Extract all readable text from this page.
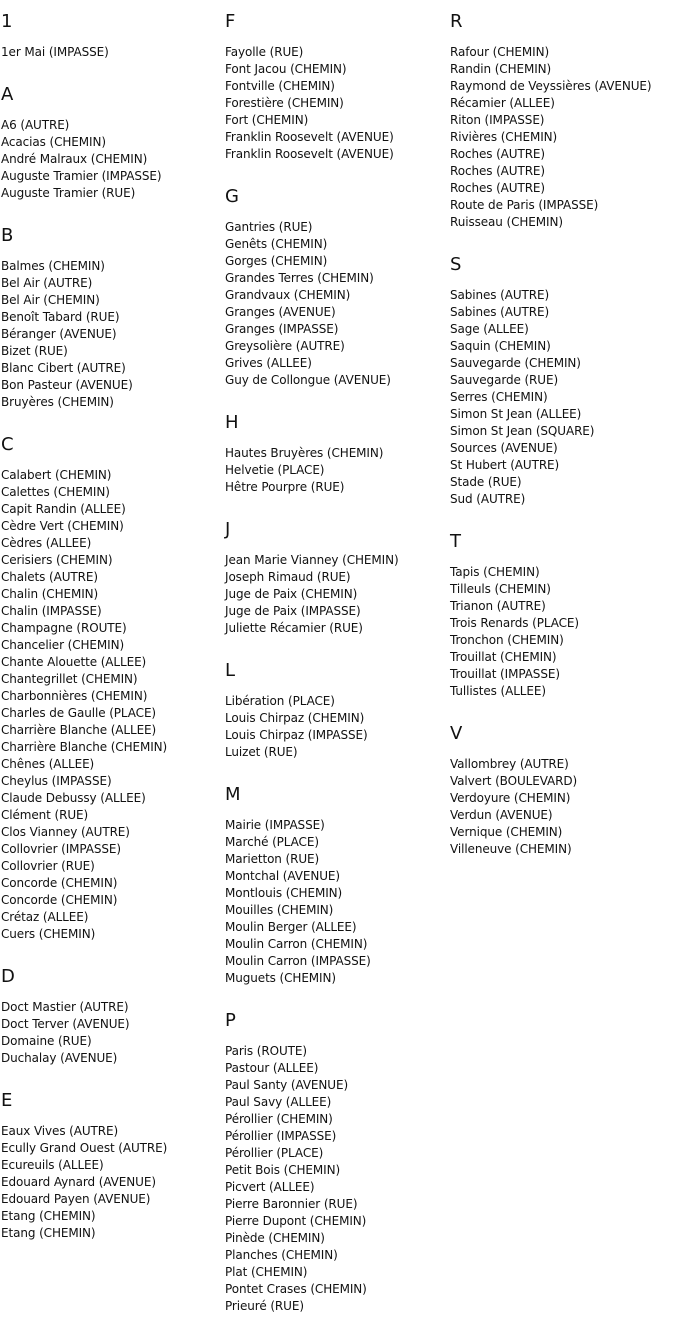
1
1er Mai (IMPASSE)
A
A6 (AUTRE)
Acacias (CHEMIN)
André Malraux (CHEMIN)
Auguste Tramier (IMPASSE)
Auguste Tramier (RUE)
B
Balmes (CHEMIN)
Bel Air (AUTRE)
Bel Air (CHEMIN)
Benoît Tabard (RUE)
Béranger (AVENUE)
Bizet (RUE)
Blanc Cibert (AUTRE)
Bon Pasteur (AVENUE)
Bruyères (CHEMIN)
C
Calabert (CHEMIN)
Calettes (CHEMIN)
Capit Randin (ALLEE)
Cèdre Vert (CHEMIN)
Cèdres (ALLEE)
Cerisiers (CHEMIN)
Chalets (AUTRE)
Chalin (CHEMIN)
Chalin (IMPASSE)
Champagne (ROUTE)
Chancelier (CHEMIN)
Chante Alouette (ALLEE)
Chantegrillet (CHEMIN)
Charbonnières (CHEMIN)
Charles de Gaulle (PLACE)
Charrière Blanche (ALLEE)
Charrière Blanche (CHEMIN)
Chênes (ALLEE)
Cheylus (IMPASSE)
Claude Debussy (ALLEE)
Clément (RUE)
Clos Vianney (AUTRE)
Collovrier (IMPASSE)
Collovrier (RUE)
Concorde (CHEMIN)
Concorde (CHEMIN)
Crétaz (ALLEE)
Cuers (CHEMIN)
D
Doct Mastier (AUTRE)
Doct Terver (AVENUE)
Domaine (RUE)
Duchalay (AVENUE)
E
Eaux Vives (AUTRE)
Ecully Grand Ouest (AUTRE)
Ecureuils (ALLEE)
Edouard Aynard (AVENUE)
Edouard Payen (AVENUE)
Etang (CHEMIN)
Etang (CHEMIN)
F
Fayolle (RUE)
Font Jacou (CHEMIN)
Fontville (CHEMIN)
Forestière (CHEMIN)
Fort (CHEMIN)
Franklin Roosevelt (AVENUE)
Franklin Roosevelt (AVENUE)
G
Gantries (RUE)
Genêts (CHEMIN)
Gorges (CHEMIN)
Grandes Terres (CHEMIN)
Grandvaux (CHEMIN)
Granges (AVENUE)
Granges (IMPASSE)
Greysolière (AUTRE)
Grives (ALLEE)
Guy de Collongue (AVENUE)
H
Hautes Bruyères (CHEMIN)
Helvetie (PLACE)
Hêtre Pourpre (RUE)
J
Jean Marie Vianney (CHEMIN)
Joseph Rimaud (RUE)
Juge de Paix (CHEMIN)
Juge de Paix (IMPASSE)
Juliette Récamier (RUE)
L
Libération (PLACE)
Louis Chirpaz (CHEMIN)
Louis Chirpaz (IMPASSE)
Luizet (RUE)
M
Mairie (IMPASSE)
Marché (PLACE)
Marietton (RUE)
Montchal (AVENUE)
Montlouis (CHEMIN)
Mouilles (CHEMIN)
Moulin Berger (ALLEE)
Moulin Carron (CHEMIN)
Moulin Carron (IMPASSE)
Muguets (CHEMIN)
P
Paris (ROUTE)
Pastour (ALLEE)
Paul Santy (AVENUE)
Paul Savy (ALLEE)
Pérollier (CHEMIN)
Pérollier (IMPASSE)
Pérollier (PLACE)
Petit Bois (CHEMIN)
Picvert (ALLEE)
Pierre Baronnier (RUE)
Pierre Dupont (CHEMIN)
Pinède (CHEMIN)
Planches (CHEMIN)
Plat (CHEMIN)
Pontet Crases (CHEMIN)
Prieuré (RUE)
R
Rafour (CHEMIN)
Randin (CHEMIN)
Raymond de Veyssières (AVENUE)
Récamier (ALLEE)
Riton (IMPASSE)
Rivières (CHEMIN)
Roches (AUTRE)
Roches (AUTRE)
Roches (AUTRE)
Route de Paris (IMPASSE)
Ruisseau (CHEMIN)
S
Sabines (AUTRE)
Sabines (AUTRE)
Sage (ALLEE)
Saquin (CHEMIN)
Sauvegarde (CHEMIN)
Sauvegarde (RUE)
Serres (CHEMIN)
Simon St Jean (ALLEE)
Simon St Jean (SQUARE)
Sources (AVENUE)
St Hubert (AUTRE)
Stade (RUE)
Sud (AUTRE)
T
Tapis (CHEMIN)
Tilleuls (CHEMIN)
Trianon (AUTRE)
Trois Renards (PLACE)
Tronchon (CHEMIN)
Trouillat (CHEMIN)
Trouillat (IMPASSE)
Tullistes (ALLEE)
V
Vallombrey (AUTRE)
Valvert (BOULEVARD)
Verdoyure (CHEMIN)
Verdun (AVENUE)
Vernique (CHEMIN)
Villeneuve (CHEMIN)
